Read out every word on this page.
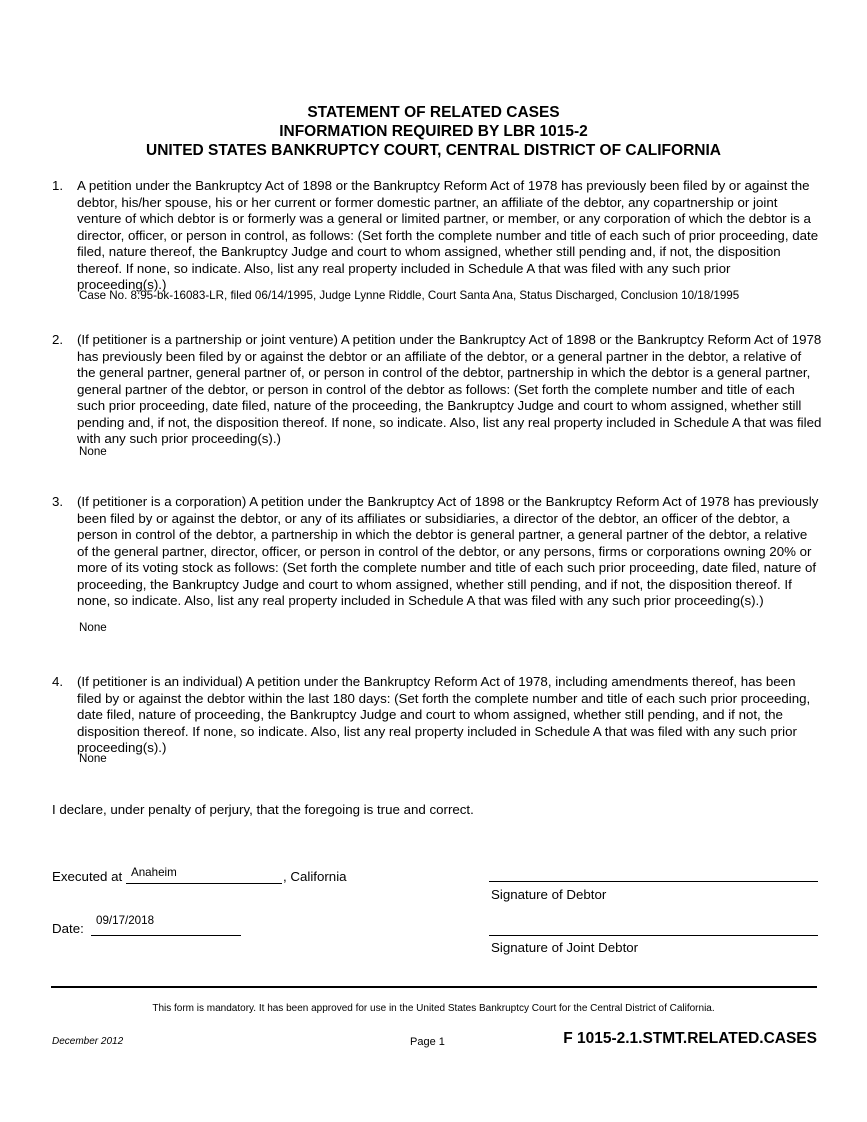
STATEMENT OF RELATED CASES
INFORMATION REQUIRED BY LBR 1015-2
UNITED STATES BANKRUPTCY COURT, CENTRAL DISTRICT OF CALIFORNIA
1. A petition under the Bankruptcy Act of 1898 or the Bankruptcy Reform Act of 1978 has previously been filed by or against the debtor, his/her spouse, his or her current or former domestic partner, an affiliate of the debtor, any copartnership or joint venture of which debtor is or formerly was a general or limited partner, or member, or any corporation of which the debtor is a director, officer, or person in control, as follows: (Set forth the complete number and title of each such of prior proceeding, date filed, nature thereof, the Bankruptcy Judge and court to whom assigned, whether still pending and, if not, the disposition thereof. If none, so indicate. Also, list any real property included in Schedule A that was filed with any such prior proceeding(s).)
Case No. 8:95-bk-16083-LR, filed 06/14/1995, Judge Lynne Riddle, Court Santa Ana, Status Discharged, Conclusion 10/18/1995
2. (If petitioner is a partnership or joint venture) A petition under the Bankruptcy Act of 1898 or the Bankruptcy Reform Act of 1978 has previously been filed by or against the debtor or an affiliate of the debtor, or a general partner in the debtor, a relative of the general partner, general partner of, or person in control of the debtor, partnership in which the debtor is a general partner, general partner of the debtor, or person in control of the debtor as follows: (Set forth the complete number and title of each such prior proceeding, date filed, nature of the proceeding, the Bankruptcy Judge and court to whom assigned, whether still pending and, if not, the disposition thereof. If none, so indicate. Also, list any real property included in Schedule A that was filed with any such prior proceeding(s).)
None
3. (If petitioner is a corporation) A petition under the Bankruptcy Act of 1898 or the Bankruptcy Reform Act of 1978 has previously been filed by or against the debtor, or any of its affiliates or subsidiaries, a director of the debtor, an officer of the debtor, a person in control of the debtor, a partnership in which the debtor is general partner, a general partner of the debtor, a relative of the general partner, director, officer, or person in control of the debtor, or any persons, firms or corporations owning 20% or more of its voting stock as follows: (Set forth the complete number and title of each such prior proceeding, date filed, nature of proceeding, the Bankruptcy Judge and court to whom assigned, whether still pending, and if not, the disposition thereof. If none, so indicate. Also, list any real property included in Schedule A that was filed with any such prior proceeding(s).)
None
4. (If petitioner is an individual) A petition under the Bankruptcy Reform Act of 1978, including amendments thereof, has been filed by or against the debtor within the last 180 days: (Set forth the complete number and title of each such prior proceeding, date filed, nature of proceeding, the Bankruptcy Judge and court to whom assigned, whether still pending, and if not, the disposition thereof. If none, so indicate. Also, list any real property included in Schedule A that was filed with any such prior proceeding(s).)
None
I declare, under penalty of perjury, that the foregoing is true and correct.
Executed at Anaheim	, California
Date:
09/17/2018
Signature of Debtor
Signature of Joint Debtor
This form is mandatory. It has been approved for use in the United States Bankruptcy Court for the Central District of California.
December 2012	Page 1	F 1015-2.1.STMT.RELATED.CASES
